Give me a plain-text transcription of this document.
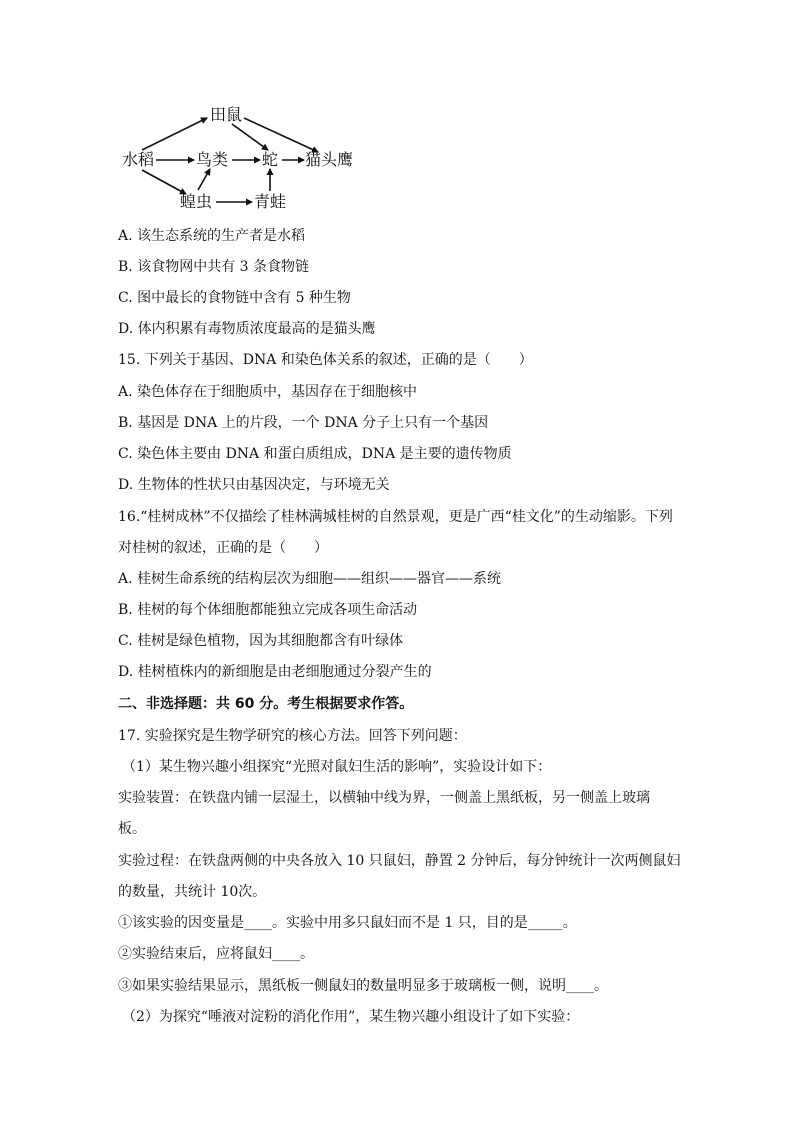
田鼠
水稻	鸟类 蛇 猫头鹰
蝗虫	青蛙
A. 该生态系统的生产者是水稻
B. 该食物网中共有 3 条食物链
C. 图中最长的食物链中含有 5 种生物
D. 体内积累有毒物质浓度最高的是猫头鹰
15. 下列关于基因、DNA 和染色体关系的叙述，正确的是（　　）
A. 染色体存在于细胞质中，基因存在于细胞核中
B. 基因是 DNA 上的片段，一个 DNA 分子上只有一个基因
C. 染色体主要由 DNA 和蛋白质组成，DNA 是主要的遗传物质
D. 生物体的性状只由基因决定，与环境无关
16.“桂树成林”不仅描绘了桂林满城桂树的自然景观，更是广西“桂文化”的生动缩影。下列
对桂树的叙述，正确的是（　　）
A. 桂树生命系统的结构层次为细胞——组织——器官——系统
B. 桂树的每个体细胞都能独立完成各项生命活动
C. 桂树是绿色植物，因为其细胞都含有叶绿体
D. 桂树植株内的新细胞是由老细胞通过分裂产生的
二、非选择题：共 60 分。考生根据要求作答。
17. 实验探究是生物学研究的核心方法。回答下列问题：
（1）某生物兴趣小组探究“光照对鼠妇生活的影响”，实验设计如下：
实验装置：在铁盘内铺一层湿土，以横轴中线为界，一侧盖上黑纸板，另一侧盖上玻璃
板。
实验过程：在铁盘两侧的中央各放入 10 只鼠妇，静置 2 分钟后，每分钟统计一次两侧鼠妇
的数量，共统计 10次。
①该实验的因变量是____。实验中用多只鼠妇而不是 1 只，目的是_____。
②实验结束后，应将鼠妇____。
③如果实验结果显示，黑纸板一侧鼠妇的数量明显多于玻璃板一侧，说明____。
（2）为探究“唾液对淀粉的消化作用”，某生物兴趣小组设计了如下实验：
